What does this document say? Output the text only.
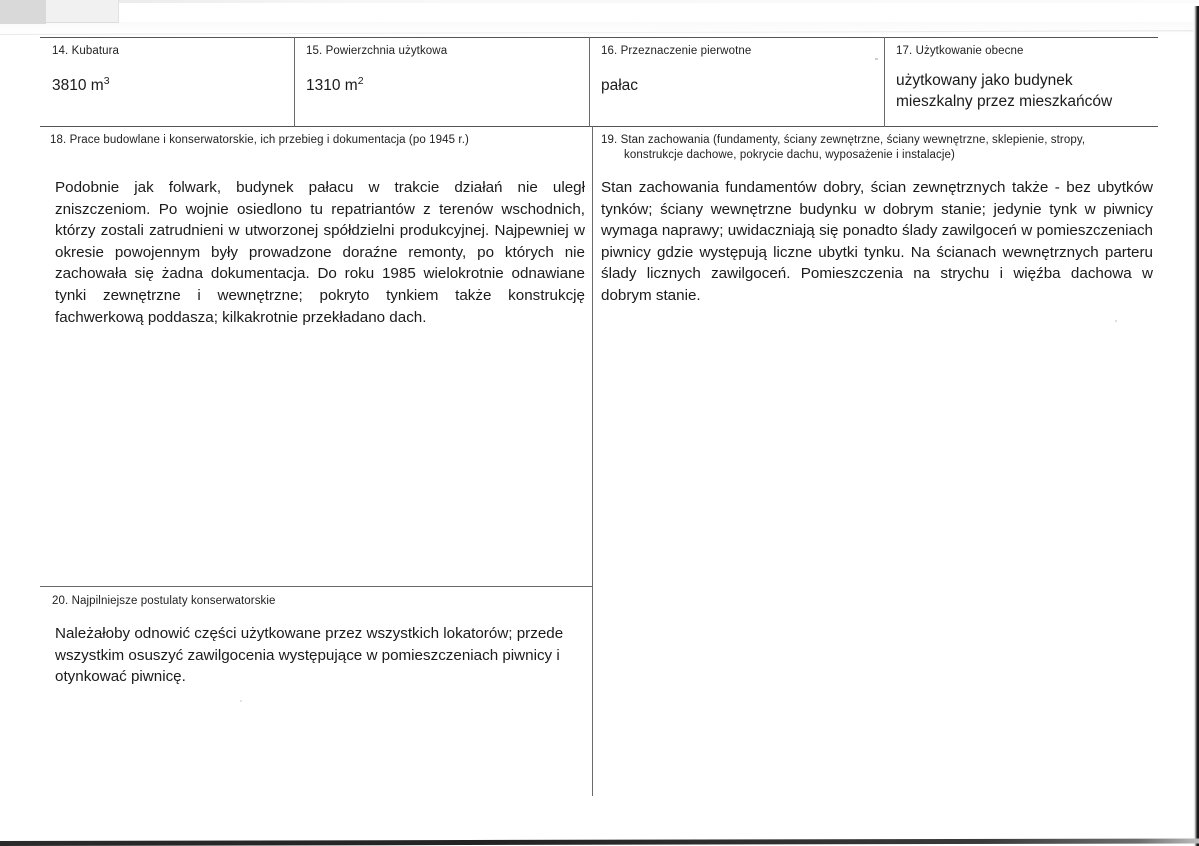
14. Kubatura
3810 $m^3$
15. Powierzchnia użytkowa
1310 $m^2$
16. Przeznaczenie pierwotne
pałac
17. Użytkowanie obecne
użytkowany jako budynek
mieszkalny przez mieszkańców
18. Prace budowlane i konserwatorskie, ich przebieg i dokumentacja (po 1945 r.)
Podobnie jak folwark, budynek pałacu w trakcie działań nie uległ zniszczeniom. Po wojnie osiedlono tu repatriantów z terenów wschodnich, którzy zostali zatrudnieni w utworzonej spółdzielni produkcyjnej. Najpewniej w okresie powojennym były prowadzone doraźne remonty, po których nie zachowała się żadna dokumentacja. Do roku 1985 wielokrotnie odnawiane tynki zewnętrzne i wewnętrzne; pokryto tynkiem także konstrukcję fachwerkową poddasza; kilkakrotnie przekładano dach.
19. Stan zachowania (fundamenty, ściany zewnętrzne, ściany wewnętrzne, sklepienie, stropy,
konstrukcje dachowe, pokrycie dachu, wyposażenie i instalacje)
Stan zachowania fundamentów dobry, ścian zewnętrznych także - bez ubytków tynków; ściany wewnętrzne budynku w dobrym stanie; jedynie tynk w piwnicy wymaga naprawy; uwidaczniają się ponadto ślady zawilgoceń w pomieszczeniach piwnicy gdzie występują liczne ubytki tynku. Na ścianach wewnętrznych parteru ślady licznych zawilgoceń. Pomieszczenia na strychu i więźba dachowa w dobrym stanie.
20. Najpilniejsze postulaty konserwatorskie
Należałoby odnowić części użytkowane przez wszystkich lokatorów; przede wszystkim osuszyć zawilgocenia występujące w pomieszczeniach piwnicy i otynkować piwnicę.
